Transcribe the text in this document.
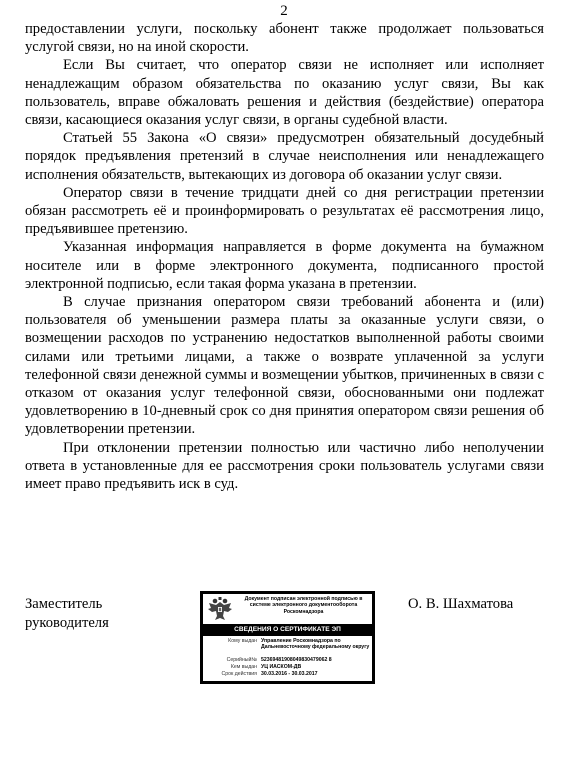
2

предоставлении услуги, поскольку абонент также продолжает пользоваться услугой связи, но на иной скорости.

Если Вы считает, что оператор связи не исполняет или исполняет ненадлежащим образом обязательства по оказанию услуг связи, Вы как пользователь, вправе обжаловать решения и действия (бездействие) оператора связи, касающиеся оказания услуг связи, в органы судебной власти.

Статьей 55 Закона «О связи» предусмотрен обязательный досудебный порядок предъявления претензий в случае неисполнения или ненадлежащего исполнения обязательств, вытекающих из договора об оказании услуг связи.

Оператор связи в течение тридцати дней со дня регистрации претензии обязан рассмотреть её и проинформировать о результатах её рассмотрения лицо, предъявившее претензию.

Указанная информация направляется в форме документа на бумажном носителе или в форме электронного документа, подписанного простой электронной подписью, если такая форма указана в претензии.

В случае признания оператором связи требований абонента и (или) пользователя об уменьшении размера платы за оказанные услуги связи, о возмещении расходов по устранению недостатков выполненной работы своими силами или третьими лицами, а также о возврате уплаченной за услуги телефонной связи денежной суммы и возмещении убытков, причиненных в связи с отказом от оказания услуг телефонной связи, обоснованными они подлежат удовлетворению в 10-дневный срок со дня принятия оператором связи решения об удовлетворении претензии.

При отклонении претензии полностью или частично либо неполучении ответа в установленные для ее рассмотрения сроки пользователь услугами связи имеет право предъявить иск в суд.

Заместитель
руководителя
Документ подписан электронной подписью в системе электронного документооборота Роскомнадзора
СВЕДЕНИЯ О СЕРТИФИКАТЕ ЭП
Кому выдан Управление Роскомнадзора по Дальневосточному федеральному округу
Серийный№ 52369481908049830479062 8
Кем выдан УЦ ИАСКОМ-ДВ
Срок действия 30.03.2016 - 30.03.2017
О. В. Шахматова
